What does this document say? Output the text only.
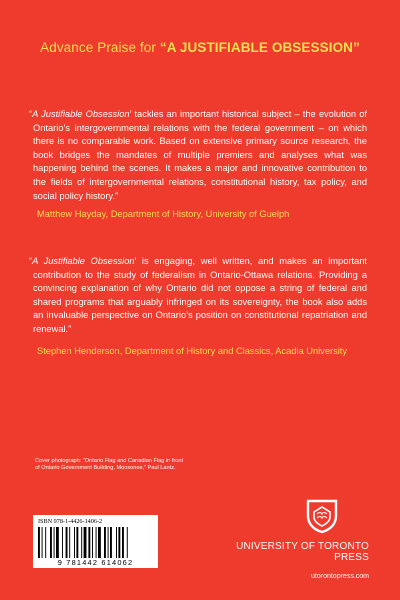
Advance Praise for “A JUSTIFIABLE OBSESSION”
“A Justifiable Obsession’ tackles an important historical subject – the evolution of Ontario’s intergovernmental relations with the federal government – on which there is no comparable work. Based on extensive primary source research, the book bridges the mandates of multiple premiers and analyses what was happening behind the scenes. It makes a major and innovative contribution to the fields of intergovernmental relations, constitutional history, tax policy, and social policy history.”
Matthew Hayday, Department of History, University of Guelph
“A Justifiable Obsession’ is engaging, well written, and makes an important contribution to the study of federalism in Ontario-Ottawa relations. Providing a convincing explanation of why Ontario did not oppose a string of federal and shared programs that arguably infringed on its sovereignty, the book also adds an invaluable perspective on Ontario’s position on constitutional repatriation and renewal.”
Stephen Henderson, Department of History and Classics, Acadia University
Cover photograph: “Ontario Flag and Canadian Flag in front of Ontario Government Building, Moosonee,” Paul Lantz.
ISBN 978-1-4426-1406-2
9 781442 614062
UNIVERSITY OF TORONTO PRESS
utorontopress.com
